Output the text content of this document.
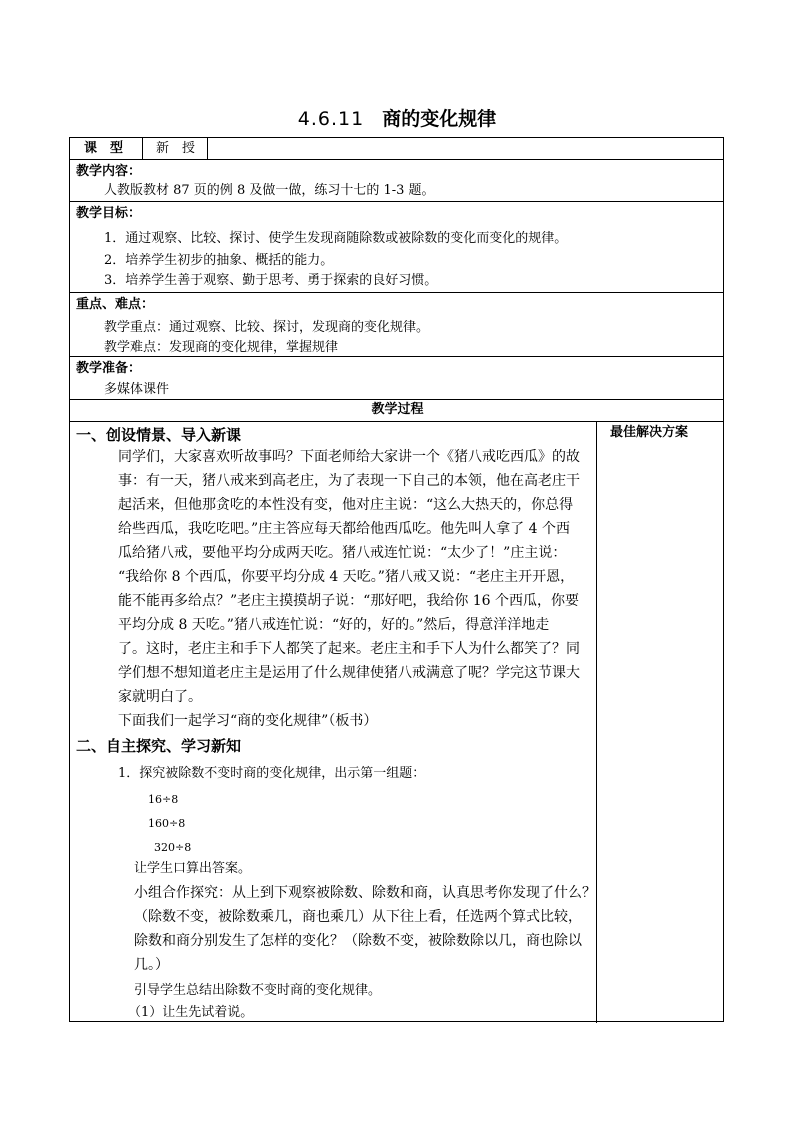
4.6.11 商的变化规律
课　型	新　授
教学内容：
人教版教材 87 页的例 8 及做一做，练习十七的 1-3 题。
教学目标：
1．通过观察、比较、探讨、使学生发现商随除数或被除数的变化而变化的规律。
2．培养学生初步的抽象、概括的能力。
3．培养学生善于观察、勤于思考、勇于探索的良好习惯。
重点、难点：
教学重点：通过观察、比较、探讨，发现商的变化规律。
教学难点：发现商的变化规律，掌握规律
教学准备：
多媒体课件
教学过程
最佳解决方案
一、创设情景、导入新课
同学们，大家喜欢听故事吗？下面老师给大家讲一个《猪八戒吃西瓜》的故
事：有一天，猪八戒来到高老庄，为了表现一下自己的本领，他在高老庄干
起活来，但他那贪吃的本性没有变，他对庄主说：“这么大热天的，你总得
给些西瓜，我吃吃吧。”庄主答应每天都给他西瓜吃。他先叫人拿了 4 个西
瓜给猪八戒，要他平均分成两天吃。猪八戒连忙说：“太少了！”庄主说：
“我给你 8 个西瓜，你要平均分成 4 天吃。”猪八戒又说：“老庄主开开恩，
能不能再多给点？”老庄主摸摸胡子说：“那好吧，我给你 16 个西瓜，你要
平均分成 8 天吃。”猪八戒连忙说：“好的，好的。”然后，得意洋洋地走
了。这时，老庄主和手下人都笑了起来。老庄主和手下人为什么都笑了？同
学们想不想知道老庄主是运用了什么规律使猪八戒满意了呢？学完这节课大
家就明白了。
下面我们一起学习“商的变化规律”（板书）
二、自主探究、学习新知
1．探究被除数不变时商的变化规律，出示第一组题：
16÷8
160÷8
320÷8
让学生口算出答案。
小组合作探究：从上到下观察被除数、除数和商，认真思考你发现了什么？
（除数不变，被除数乘几，商也乘几）从下往上看，任选两个算式比较，
除数和商分别发生了怎样的变化？（除数不变，被除数除以几，商也除以
几。）
引导学生总结出除数不变时商的变化规律。
（1）让生先试着说。
